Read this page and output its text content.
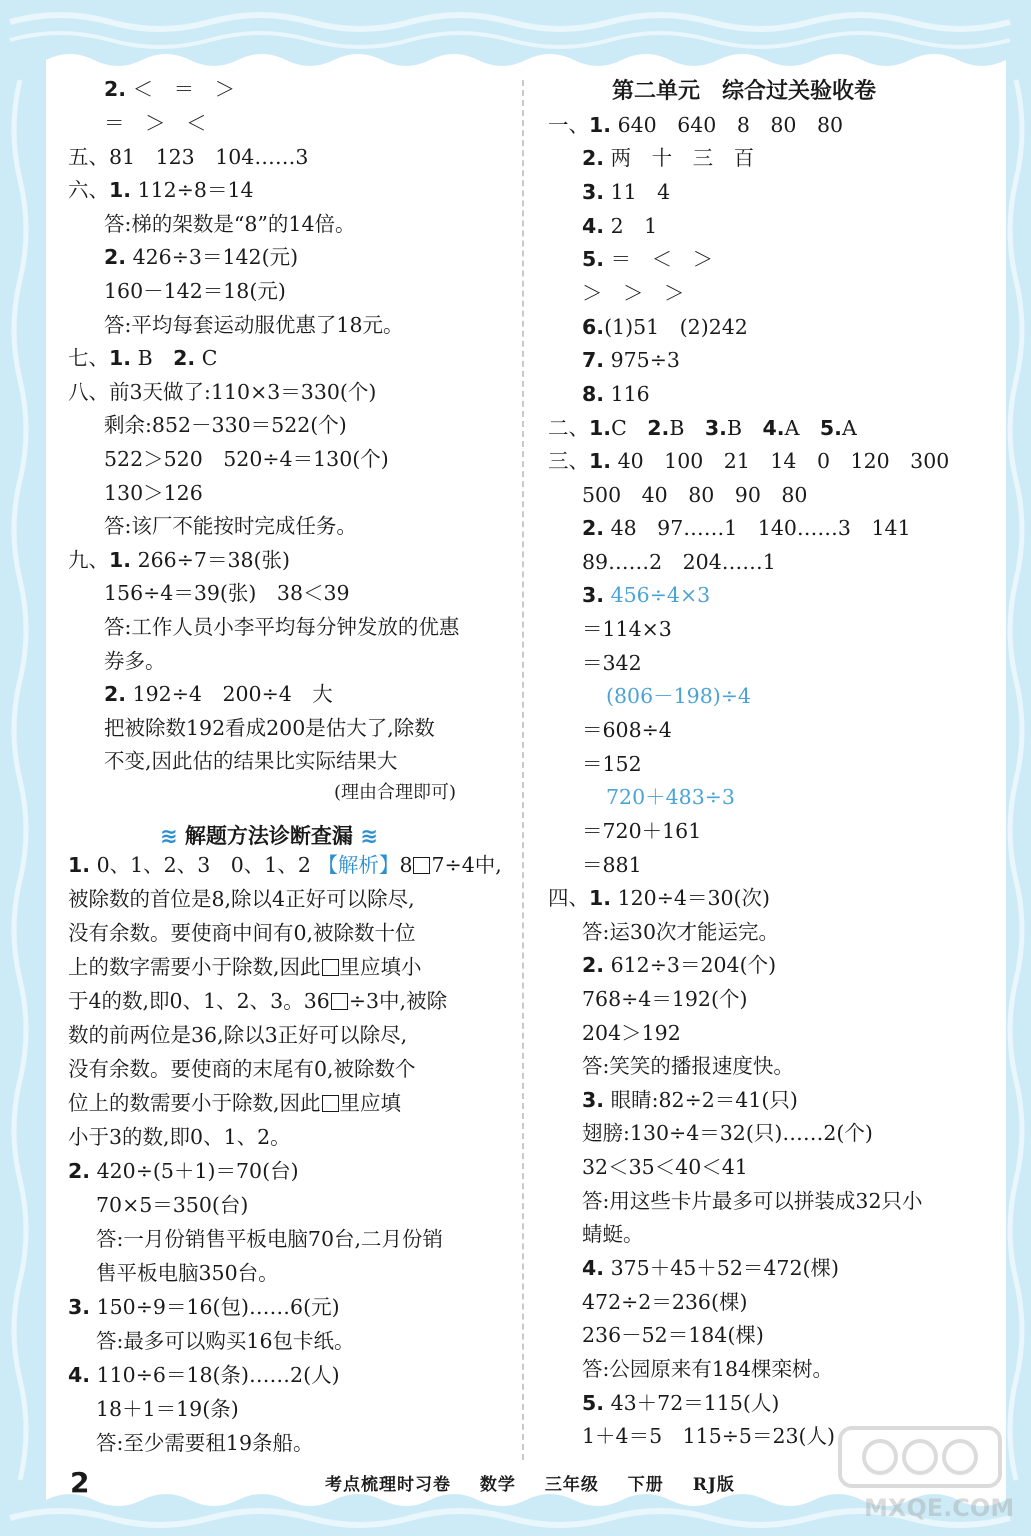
2. ＜　＝　＞
＝　＞　＜
五、81　123　104……3
六、1. 112÷8＝14
答:梯的架数是“8”的14倍。
2. 426÷3＝142(元)
160－142＝18(元)
答:平均每套运动服优惠了18元。
七、1. B　 2. C
八、前3天做了:110×3＝330(个)
剩余:852－330＝522(个)
522＞520　520÷4＝130(个)
130＞126
答:该厂不能按时完成任务。
九、1. 266÷7＝38(张)
156÷4＝39(张)　38＜39
答:工作人员小李平均每分钟发放的优惠
券多。
2. 192÷4　200÷4　大
把被除数192看成200是估大了,除数
不变,因此估的结果比实际结果大
(理由合理即可)
1. 0、1、2、3　0、1、2 【解析】8 7÷4中,
被除数的首位是8,除以4正好可以除尽,
没有余数。要使商中间有0,被除数十位
上的数字需要小于除数,因此 里应填小
于4的数,即0、1、2、3。36 ÷3中,被除
数的前两位是36,除以3正好可以除尽,
没有余数。要使商的末尾有0,被除数个
位上的数需要小于除数,因此 里应填
小于3的数,即0、1、2。
2. 420÷(5＋1)＝70(台)
70×5＝350(台)
答:一月份销售平板电脑70台,二月份销
售平板电脑350台。
3. 150÷9＝16(包)……6(元)
答:最多可以购买16包卡纸。
4. 110÷6＝18(条)……2(人)
18＋1＝19(条)
答:至少需要租19条船。
≋ 解题方法诊断查漏 ≋
第二单元　综合过关验收卷
一、1. 640　640　8　80　80
2. 两　十　三　百
3. 11　4
4. 2　1
5. ＝　＜　＞
＞　＞　＞
6.(1)51　(2)242
7. 975÷3
8. 116
二、1.C　 2.B　 3.B　 4.A　 5.A
三、1. 40　100　21　14　0　120　300
500　40　80　90　80
2. 48　97……1　140……3　141
89……2　204……1
3. 456÷4×3
＝114×3
＝342
(806－198)÷4
＝608÷4
＝152
720＋483÷3
＝720＋161
＝881
四、1. 120÷4＝30(次)
答:运30次才能运完。
2. 612÷3＝204(个)
768÷4＝192(个)
204＞192
答:笑笑的播报速度快。
3. 眼睛:82÷2＝41(只)
翅膀:130÷4＝32(只)……2(个)
32＜35＜40＜41
答:用这些卡片最多可以拼装成32只小
蜻蜓。
4. 375＋45＋52＝472(棵)
472÷2＝236(棵)
236－52＝184(棵)
答:公园原来有184棵栾树。
5. 43＋72＝115(人)
1＋4＝5　115÷5＝23(人)
2	考点梳理时习卷 数学 三年级 下册 RJ版
MXQE.COM
